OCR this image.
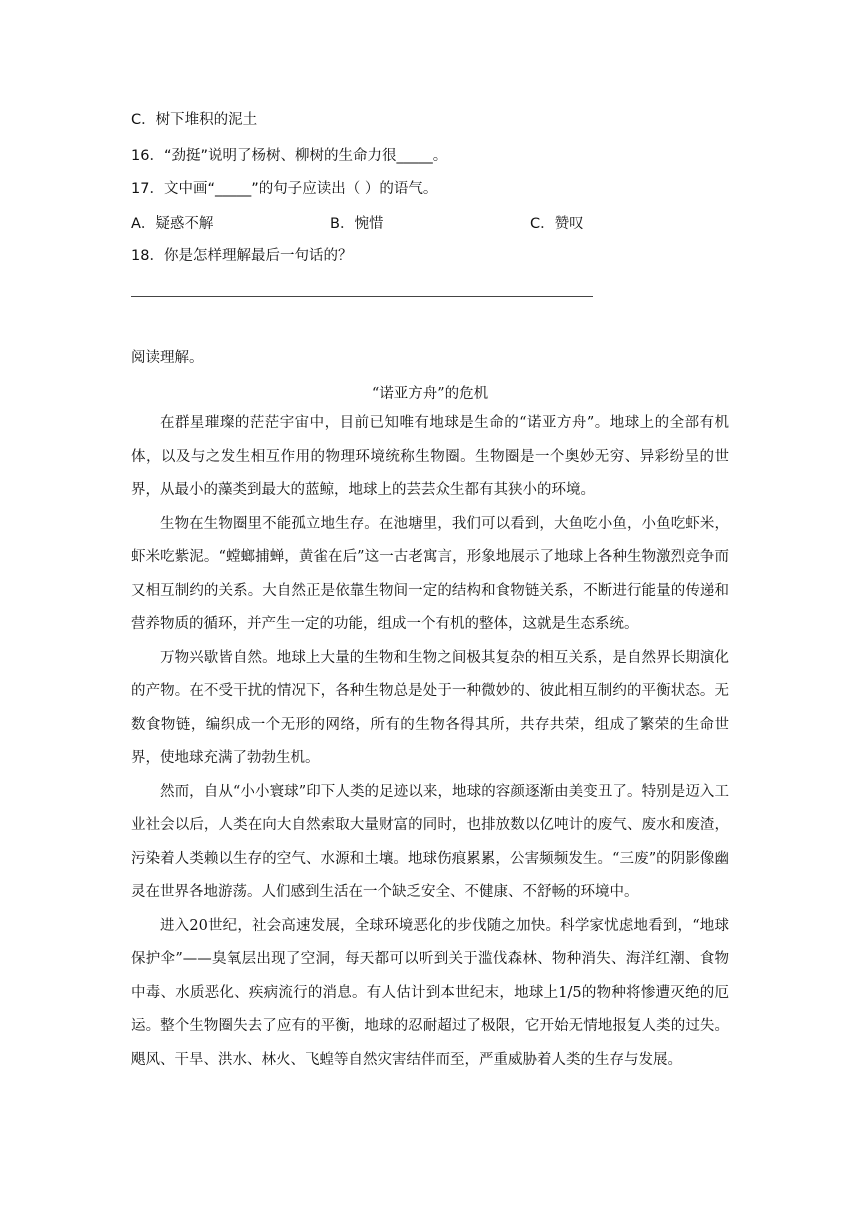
C．树下堆积的泥土
16．“劲挺”说明了杨树、柳树的生命力很_____。
17．文中画“_____”的句子应读出（ ）的语气。
A．疑惑不解	B．惋惜	C．赞叹
18．你是怎样理解最后一句话的？
阅读理解。
“诺亚方舟”的危机

在群星璀璨的茫茫宇宙中，目前已知唯有地球是生命的“诺亚方舟”。地球上的全部有机体，以及与之发生相互作用的物理环境统称生物圈。生物圈是一个奥妙无穷、异彩纷呈的世界，从最小的藻类到最大的蓝鲸，地球上的芸芸众生都有其狭小的环境。

生物在生物圈里不能孤立地生存。在池塘里，我们可以看到，大鱼吃小鱼，小鱼吃虾米，虾米吃紫泥。“螳螂捕蝉，黄雀在后”这一古老寓言，形象地展示了地球上各种生物激烈竞争而又相互制约的关系。大自然正是依靠生物间一定的结构和食物链关系，不断进行能量的传递和营养物质的循环，并产生一定的功能，组成一个有机的整体，这就是生态系统。

万物兴歇皆自然。地球上大量的生物和生物之间极其复杂的相互关系，是自然界长期演化的产物。在不受干扰的情况下，各种生物总是处于一种微妙的、彼此相互制约的平衡状态。无数食物链，编织成一个无形的网络，所有的生物各得其所，共存共荣，组成了繁荣的生命世界，使地球充满了勃勃生机。

然而，自从“小小寰球”印下人类的足迹以来，地球的容颜逐渐由美变丑了。特别是迈入工业社会以后，人类在向大自然索取大量财富的同时，也排放数以亿吨计的废气、废水和废渣，污染着人类赖以生存的空气、水源和土壤。地球伤痕累累，公害频频发生。“三废”的阴影像幽灵在世界各地游荡。人们感到生活在一个缺乏安全、不健康、不舒畅的环境中。

进入20世纪，社会高速发展，全球环境恶化的步伐随之加快。科学家忧虑地看到，“地球保护伞”——臭氧层出现了空洞，每天都可以听到关于滥伐森林、物种消失、海洋红潮、食物中毒、水质恶化、疾病流行的消息。有人估计到本世纪末，地球上1/5的物种将惨遭灭绝的厄运。整个生物圈失去了应有的平衡，地球的忍耐超过了极限，它开始无情地报复人类的过失。飓风、干旱、洪水、林火、飞蝗等自然灾害结伴而至，严重威胁着人类的生存与发展。
